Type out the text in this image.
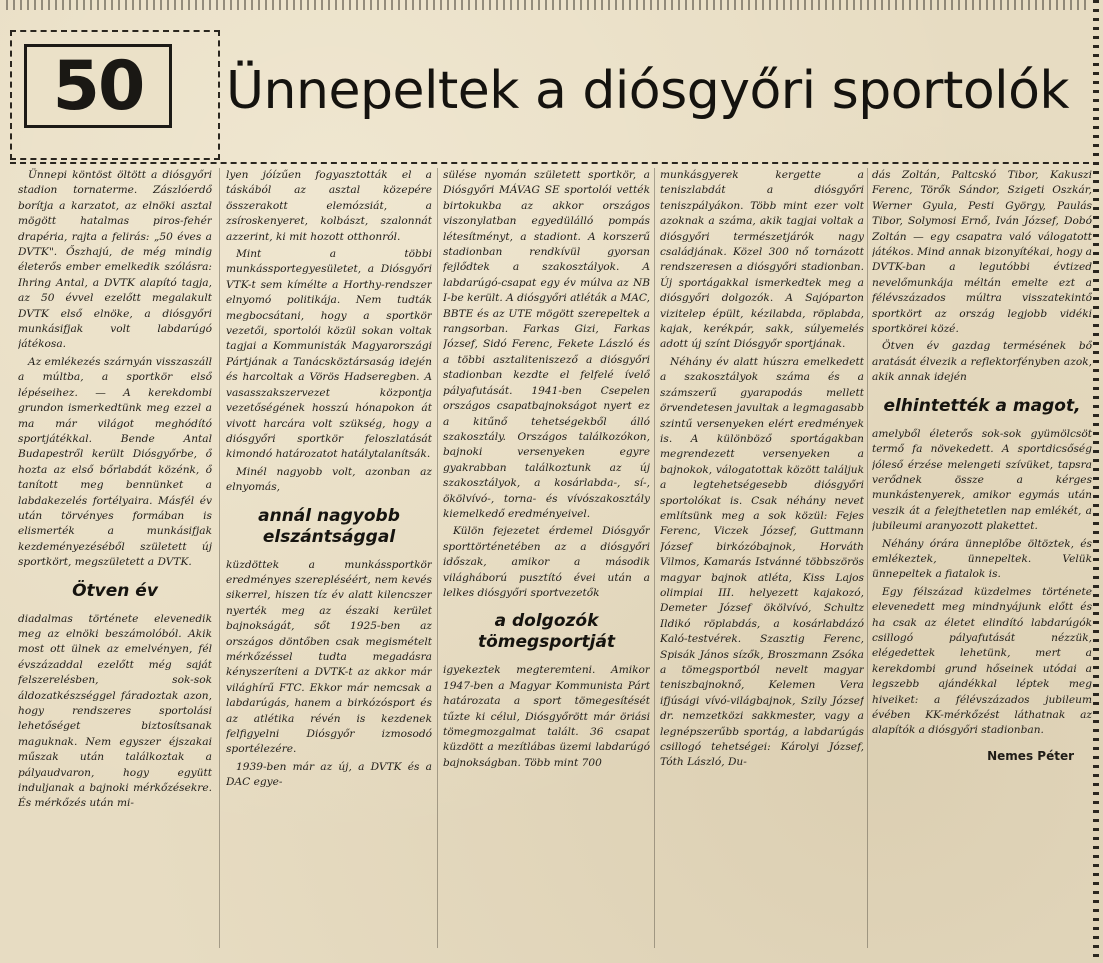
50	Ünnepeltek a diósgyőri sportolók

Ünnepi köntöst öltött a diósgyőri stadion tornaterme. Zászlóerdő borítja a karzatot, az elnöki asztal mögött hatalmas piros-fehér drapéria, rajta a felirás: „50 éves a DVTK". Őszhajú, de még mindig életerős ember emelkedik szólásra: Ihring Antal, a DVTK alapító tagja, az 50 évvel ezelőtt megalakult DVTK első elnöke, a diósgyőri munkásifjak volt labdarúgó játékosa.

Az emlékezés szárnyán visszaszáll a múltba, a sportkör első lépéseihez. — A kerekdombi grundon ismerkedtünk meg ezzel a ma már világot meghódító sportjátékkal. Bende Antal Budapestről került Diósgyőrbe, ő hozta az első bőrlabdát közénk, ő tanított meg bennünket a labdakezelés fortélyaira. Másfél év után törvényes formában is elismerték a munkásifjak kezdeményezéséből született új sportkört, megszületett a DVTK.

Ötven év

diadalmas története elevenedik meg az elnöki beszámolóból. Akik most ott ülnek az emelvényen, fél évszázaddal ezelőtt még saját felszerelésben, sok-sok áldozatkészséggel fáradoztak azon, hogy rendszeres sportolási lehetőséget biztosítsanak maguknak. Nem egyszer éjszakai műszak után találkoztak a pályaudvaron, hogy együtt induljanak a bajnoki mérkőzésekre. És mérkőzés után mi-

lyen jóízűen fogyasztották el a táskából az asztal közepére összerakott elemózsiát, a zsíroskenyeret, kolbászt, szalonnát azzerint, ki mit hozott otthonról.

Mint a többi munkássportegyesületet, a Diósgyőri VTK-t sem kímélte a Horthy-rendszer elnyomó politikája. Nem tudták megbocsátani, hogy a sportkör vezetői, sportolói közül sokan voltak tagjai a Kommunisták Magyarországi Pártjának a Tanácsköztársaság idején és harcoltak a Vörös Hadseregben. A vasasszakszervezet központja vezetőségének hosszú hónapokon át vivott harcára volt szükség, hogy a diósgyőri sportkör feloszlatását kimondó határozatot hatálytalanítsák.

Minél nagyobb volt, azonban az elnyomás,

annál nagyobb elszántsággal

küzdöttek a munkássportkör eredményes szerepléséért, nem kevés sikerrel, hiszen tíz év alatt kilencszer nyerték meg az északi kerület bajnokságát, sőt 1925-ben az országos döntőben csak megismételt mérkőzéssel tudta megadásra kényszeríteni a DVTK-t az akkor már világhírű FTC. Ekkor már nemcsak a labdarúgás, hanem a birkózósport és az atlétika révén is kezdenek felfigyelni Diósgyőr izmosodó sportélezére.

1939-ben már az új, a DVTK és a DAC egye-

sülése nyomán született sportkör, a Diósgyőri MÁVAG SE sportolói vették birtokukba az akkor országos viszonylatban egyedülálló pompás létesítményt, a stadiont. A korszerű stadionban rendkívül gyorsan fejlődtek a szakosztályok. A labdarúgó-csapat egy év múlva az NB I-be került. A diósgyőri atléták a MAC, BBTE és az UTE mögött szerepeltek a rangsorban. Farkas Gizi, Farkas József, Sidó Ferenc, Fekete László és a többi asztaliteniszező a diósgyőri stadionban kezdte el felfelé ívelő pályafutását. 1941-ben Csepelen országos csapatbajnokságot nyert ez a kitűnő tehetségekből álló szakosztály. Országos találkozókon, bajnoki versenyeken egyre gyakrabban találkoztunk az új szakosztályok, a kosárlabda-, sí-, ökölvívó-, torna- és vívószakosztály kiemelkedő eredményeivel.

Külön fejezetet érdemel Diósgyőr sporttörténetében az a diósgyőri időszak, amikor a második világháború pusztító évei után a lelkes diósgyőri sportvezetők

a dolgozók tömegsportját

igyekeztek megteremteni. Amikor 1947-ben a Magyar Kommunista Párt határozata a sport tömegesítését tűzte ki célul, Diósgyőrött már öriási tömegmozgalmat talált. 36 csapat küzdött a mezítlábas üzemi labdarúgó bajnokságban. Több mint 700

munkásgyerek kergette a teniszlabdát a diósgyőri teniszpályákon. Több mint ezer volt azoknak a száma, akik tagjai voltak a diósgyőri természetjárók nagy családjának. Közel 300 nő tornázott rendszeresen a diósgyőri stadionban. Új sportágakkal ismerkedtek meg a diósgyőri dolgozók. A Sajóparton vizitelep épült, kézilabda, röplabda, kajak, kerékpár, sakk, súlyemelés adott új színt Diósgyőr sportjának.

Néhány év alatt húszra emelkedett a szakosztályok száma és a számszerű gyarapodás mellett örvendetesen javultak a legmagasabb szintű versenyeken elért eredmények is. A különböző sportágakban megrendezett versenyeken a bajnokok, válogatottak között találjuk a legtehetségesebb diósgyőri sportolókat is. Csak néhány nevet említsünk meg a sok közül: Fejes Ferenc, Viczek József, Guttmann József birkózóbajnok, Horváth Vilmos, Kamarás Istvánné többszörös magyar bajnok atléta, Kiss Lajos olimpiai III. helyezett kajakozó, Demeter József ökölvívó, Schultz Ildikó röplabdás, a kosárlabdázó Kaló-testvérek. Szasztig Ferenc, Spisák János sízők, Broszmann Zsóka a tömegsportból nevelt magyar teniszbajnoknő, Kelemen Vera ifjúsági vívó-világbajnok, Szily József dr. nemzetközi sakkmester, vagy a legnépszerűbb sportág, a labdarúgás csillogó tehetségei: Károlyi József, Tóth László, Du-

dás Zoltán, Paltcskó Tibor, Kakuszi Ferenc, Törők Sándor, Szigeti Oszkár, Werner Gyula, Pesti György, Paulás Tibor, Solymosi Ernő, Iván József, Dobó Zoltán — egy csapatra való válogatott játékos. Mind annak bizonyítékai, hogy a DVTK-ban a legutóbbi évtized nevelőmunkája méltán emelte ezt a félévszázados múltra visszatekintő sportkört az ország legjobb vidéki sportkörei közé.

Ötven év gazdag termésének bő aratását élvezik a reflektorfényben azok, akik annak idején

elhintették a magot,

amelyből életerős sok-sok gyümölcsöt termő fa növekedett. A sportdicsőség jóleső érzése melengeti szívüket, tapsra verődnek össze a kérges munkástenyerek, amikor egymás után veszik át a felejthetetlen nap emlékét, a jubileumi aranyozott plakettet.

Néhány órára ünneplőbe öltöztek, és emlékeztek, ünnepeltek. Velük ünnepeltek a fiatalok is.

Egy félszázad küzdelmes története elevenedett meg mindnyájunk előtt és ha csak az életet elindító labdarúgók csillogó pályafutását nézzük, elégedettek lehetünk, mert a kerekdombi grund hőseinek utódai a legszebb ajándékkal léptek meg hiveiket: a félévszázados jubileum évében KK-mérkőzést láthatnak az alapítók a diósgyőri stadionban.

Nemes Péter
